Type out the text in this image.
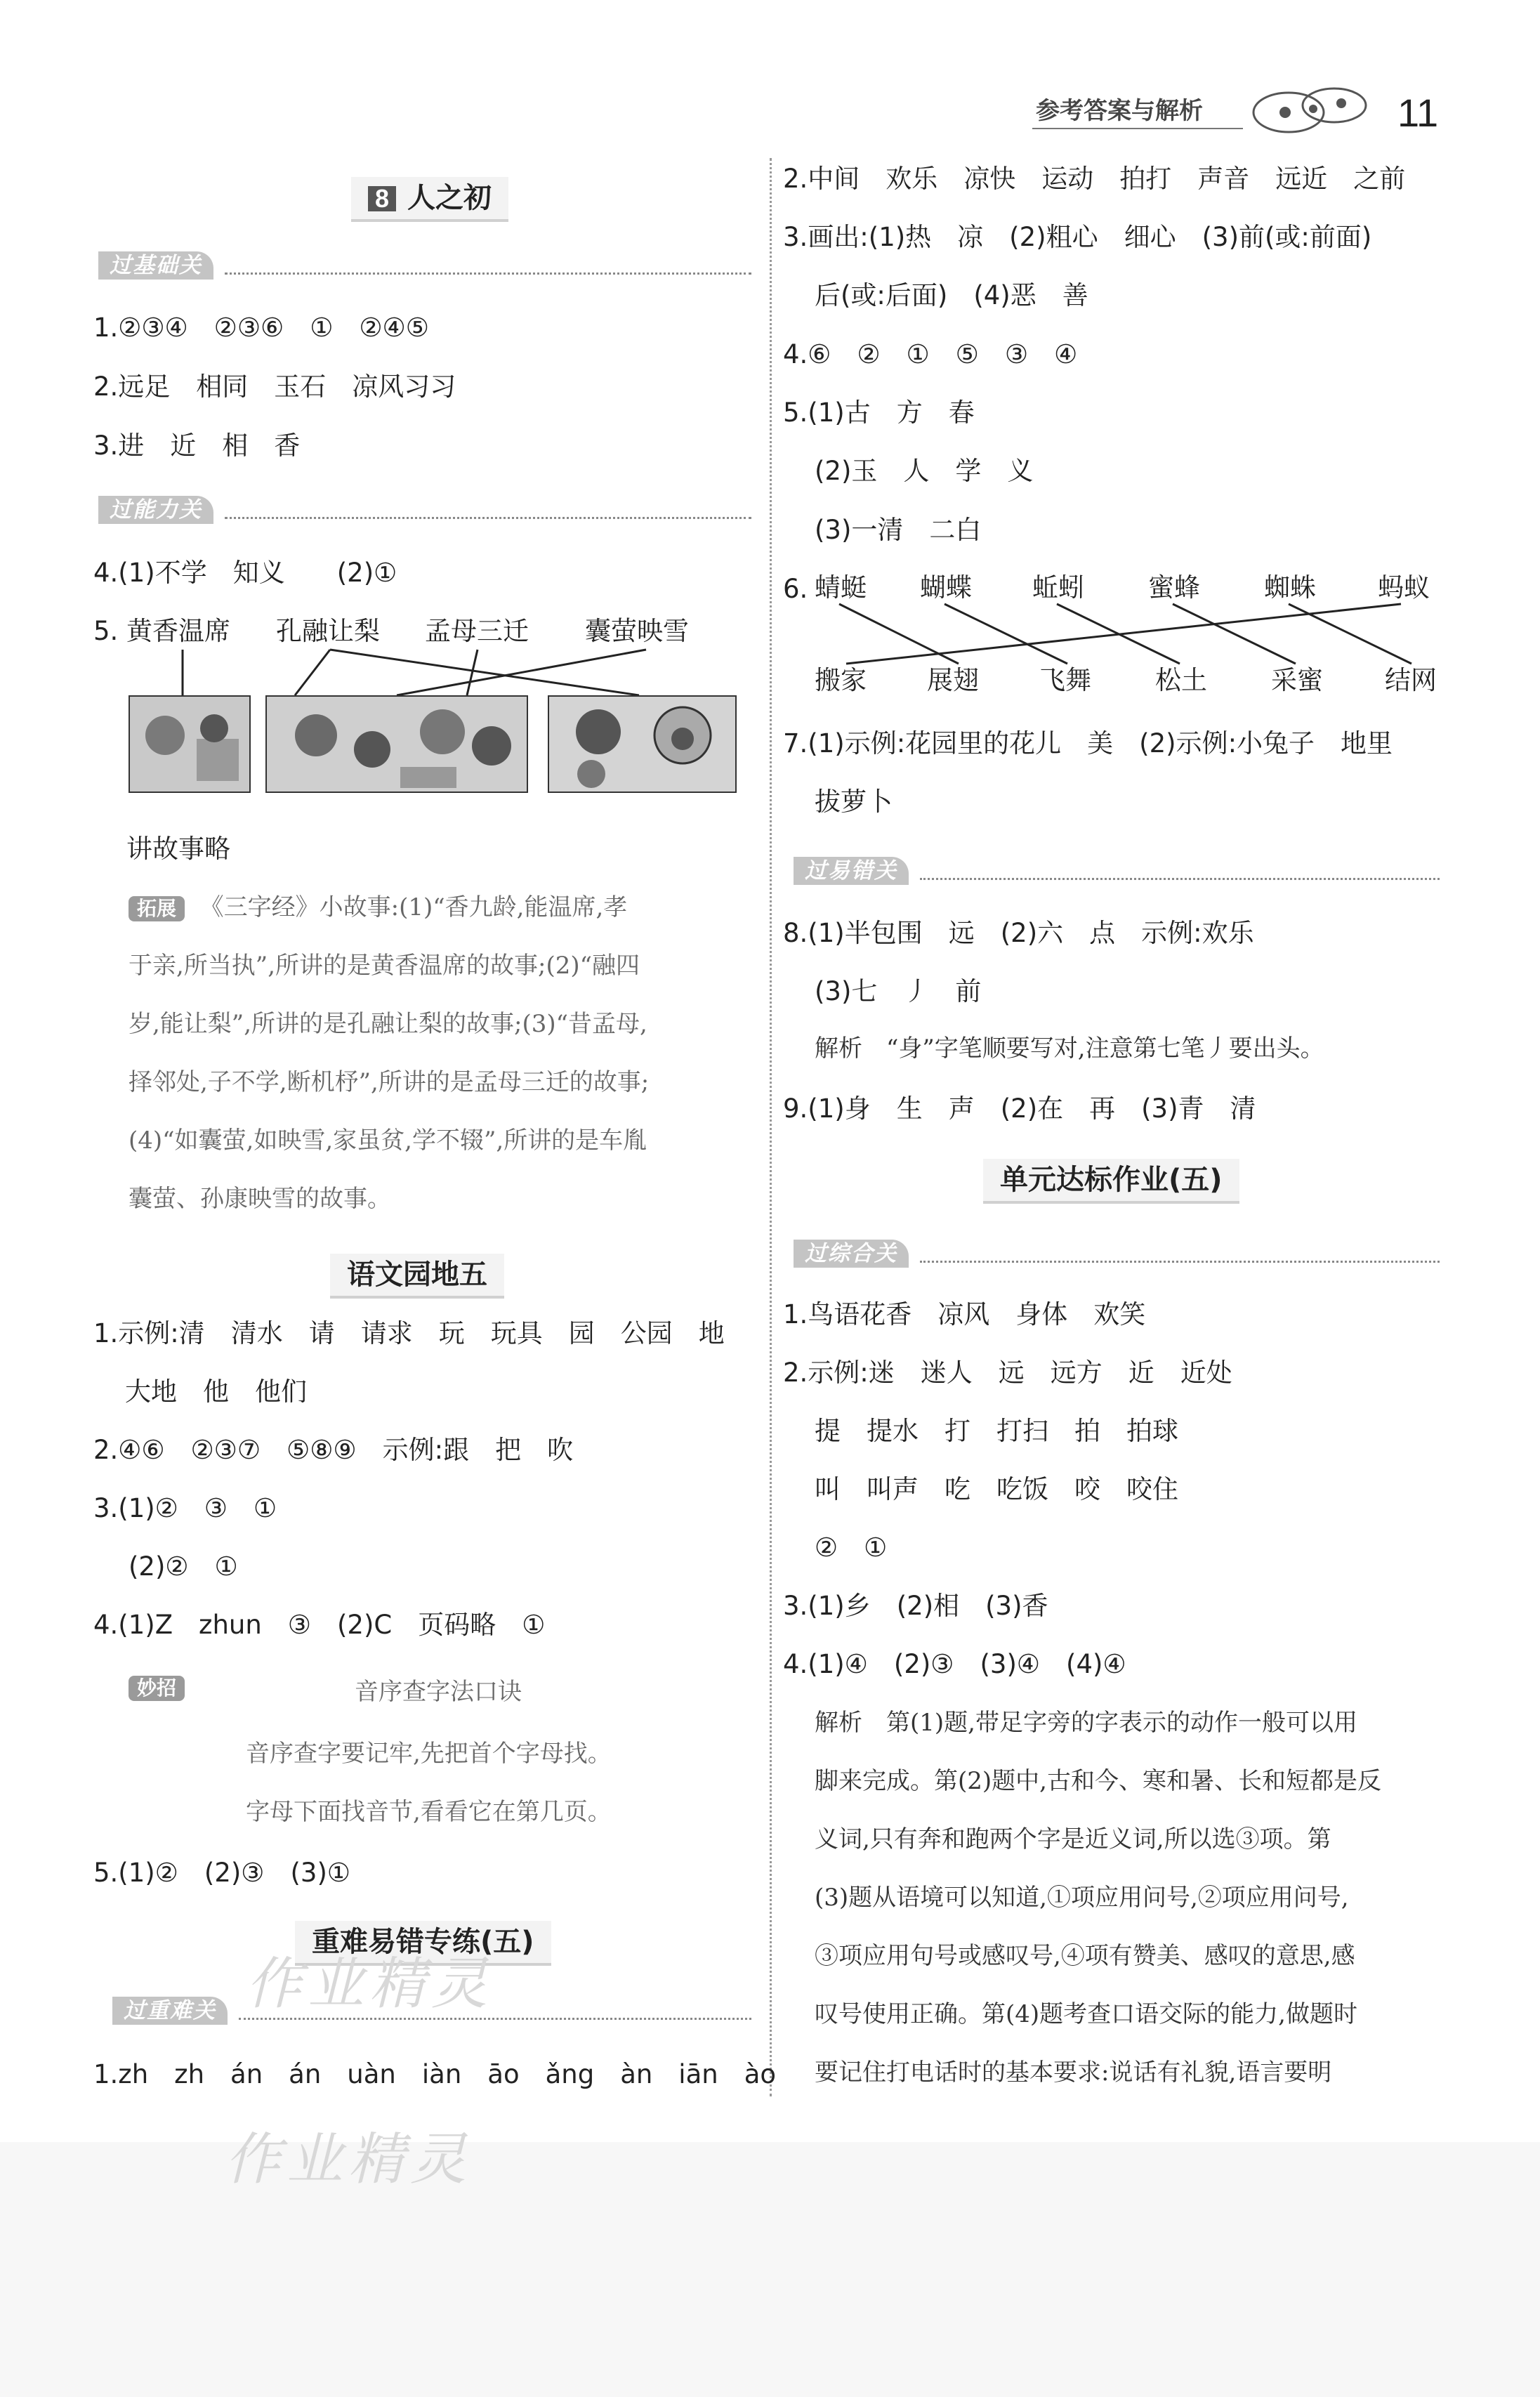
参考答案与解析	11
8 人之初
过基础关
1.②③④　②③⑥　①　②④⑤
2.远足　相同　玉石　凉风习习
3.进　近　相　香
过能力关
4.(1)不学　知义　　(2)①
5. 黄香温席 孔融让梨 孟母三迁 囊萤映雪
讲故事略
拓展 《三字经》小故事:(1)“香九龄,能温席,孝
于亲,所当执”,所讲的是黄香温席的故事;(2)“融四
岁,能让梨”,所讲的是孔融让梨的故事;(3)“昔孟母,
择邻处,子不学,断机杼”,所讲的是孟母三迁的故事;
(4)“如囊萤,如映雪,家虽贫,学不辍”,所讲的是车胤
囊萤、孙康映雪的故事。
语文园地五
1.示例:清　清水　请　请求　玩　玩具　园　公园　地
大地　他　他们
2.④⑥　②③⑦　⑤⑧⑨　示例:跟　把　吹
3.(1)②　③　①
(2)②　①
4.(1)Z　zhun　③　(2)C　页码略　①
妙招	音序查字法口诀
音序查字要记牢,先把首个字母找。
字母下面找音节,看看它在第几页。
5.(1)②　(2)③　(3)①
重难易错专练(五)
过重难关
1.zh　zh　án　án　uàn　iàn　āo　ǎng　àn　iān　ào
2.中间　欢乐　凉快　运动　拍打　声音　远近　之前
3.画出:(1)热　凉　(2)粗心　细心　(3)前(或:前面)
后(或:后面)　(4)恶　善
4.⑥　②　①　⑤　③　④
5.(1)古　方　春
(2)玉　人　学　义
(3)一清　二白
6. 蜻蜓 蝴蝶 蚯蚓 蜜蜂 蜘蛛 蚂蚁
搬家 展翅 飞舞 松土 采蜜 结网
7.(1)示例:花园里的花儿　美　(2)示例:小兔子　地里
拔萝卜
过易错关
8.(1)半包围　远　(2)六　点　示例:欢乐
(3)七　丿　前
解析　“身”字笔顺要写对,注意第七笔丿要出头。
9.(1)身　生　声　(2)在　再　(3)青　清
单元达标作业(五)
过综合关
1.鸟语花香　凉风　身体　欢笑
2.示例:迷　迷人　远　远方　近　近处
提　提水　打　打扫　拍　拍球
叫　叫声　吃　吃饭　咬　咬住
②　①
3.(1)乡　(2)相　(3)香
4.(1)④　(2)③　(3)④　(4)④
解析　第(1)题,带足字旁的字表示的动作一般可以用
脚来完成。第(2)题中,古和今、寒和暑、长和短都是反
义词,只有奔和跑两个字是近义词,所以选③项。第
(3)题从语境可以知道,①项应用问号,②项应用问号,
③项应用句号或感叹号,④项有赞美、感叹的意思,感
叹号使用正确。第(4)题考查口语交际的能力,做题时
要记住打电话时的基本要求:说话有礼貌,语言要明
作业精灵
作业精灵
